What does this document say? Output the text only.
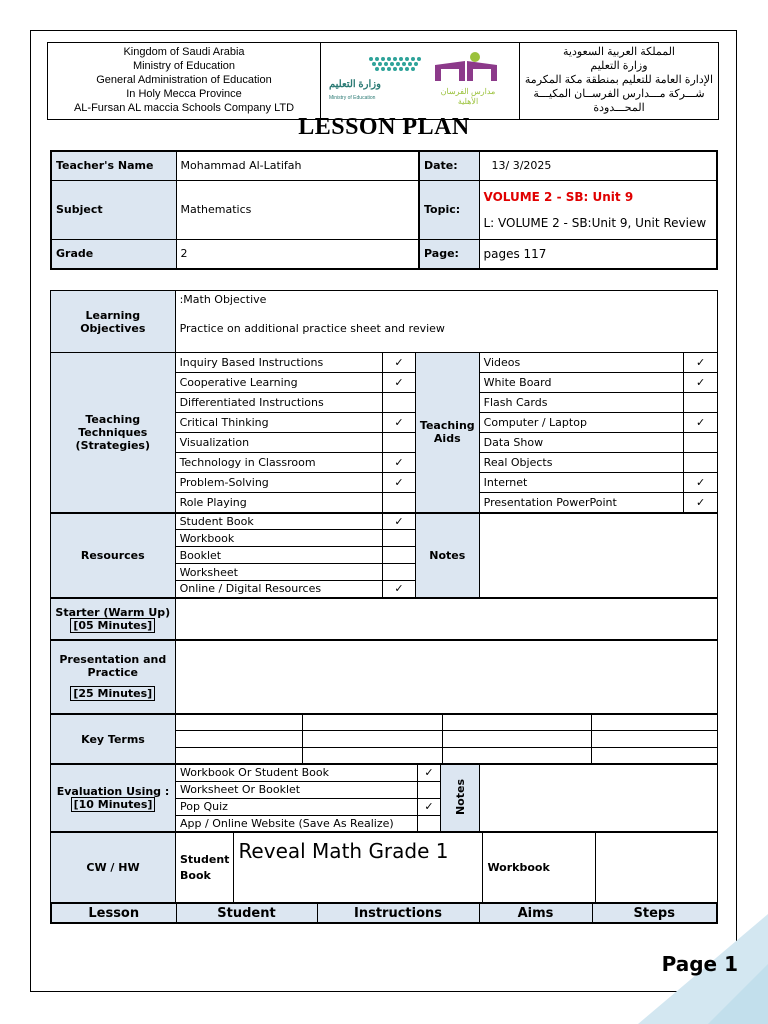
Kingdom of Saudi Arabia
Ministry of Education
General Administration of Education
In Holy Mecca Province
AL-Fursan AL maccia Schools Company LTD
وزارة التعليم
Ministry of Education
مدارس الفرسان الأهلية
المملكة العربية السعودية
وزارة التعليم
الإدارة العامة للتعليم بمنطقة مكة المكرمة
شـــركة مـــدارس الفرســان المكيـــة
المحـــدودة
LESSON PLAN
Teacher's Name	Mohammad Al-Latifah	Date:	13/ 3/2025
Subject	Mathematics	Topic:	VOLUME 2 - SB: Unit 9
L: VOLUME 2 - SB:Unit 9, Unit Review

Grade	2	Page:	pages 117
Learning Objectives	:Math Objective
Practice on additional practice sheet and review				

Teaching Techniques (Strategies)	Inquiry Based Instructions	✓	Teaching Aids	Videos	✓
	Cooperative Learning	✓		White Board	✓
	Differentiated Instructions			Flash Cards	
	Critical Thinking	✓		Computer / Laptop	✓
	Visualization			Data Show	
	Technology in Classroom	✓		Real Objects	
	Problem-Solving	✓		Internet	✓
	Role Playing			Presentation PowerPoint	✓
Resources	Student Book	✓	Notes		
	Workbook				
	Booklet				
	Worksheet				
	Online / Digital Resources	✓			

Starter (Warm Up)
[05 Minutes]					

Presentation and Practice
[25 Minutes]					
Key Terms				

Evaluation Using :
[10 Minutes]	Workbook Or Student Book	✓	Notes	
	Worksheet Or Booklet			
	Pop Quiz	✓		
	App / Online Website (Save As Realize)			
CW / HW	Student Book	Reveal Math Grade 1	Workbook	
Lesson	Student	Instructions	Aims	Steps
Page 1
